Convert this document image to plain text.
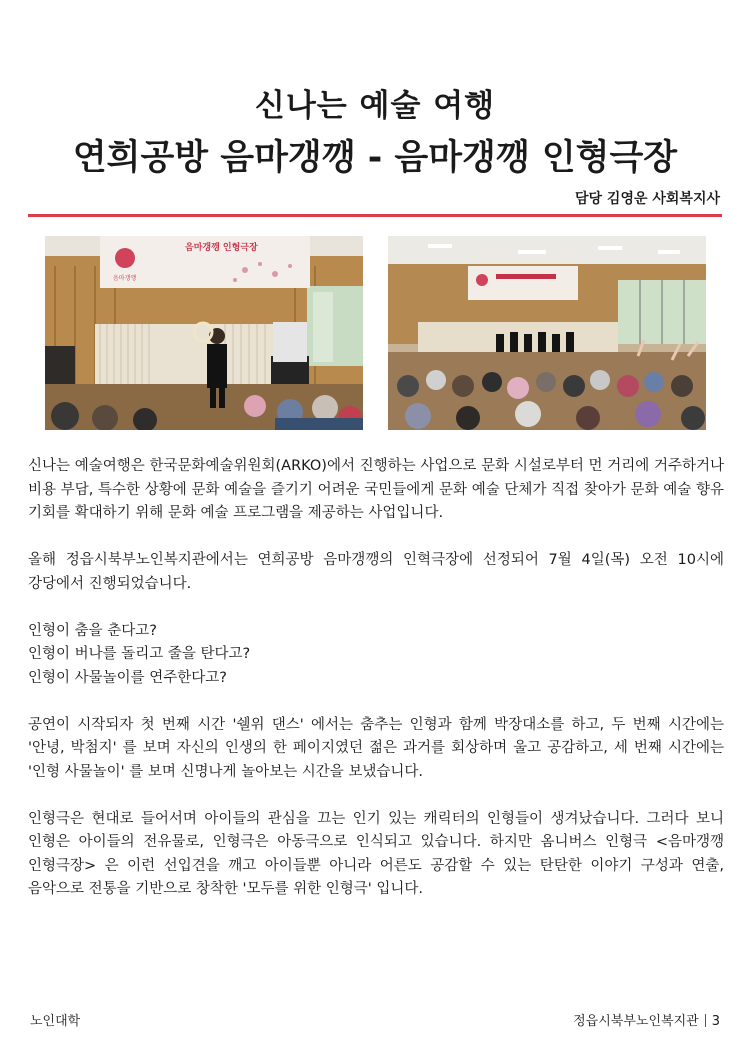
신나는 예술 여행
연희공방 음마갱깽 - 음마갱깽 인형극장
담당 김영운 사회복지사
음마갱깽 인형극장
음마갱깽

신나는 예술여행은 한국문화예술위원회(ARKO)에서 진행하는 사업으로 문화 시설로부터 먼 거리에 거주하거나 비용 부담, 특수한 상황에 문화 예술을 즐기기 어려운 국민들에게 문화 예술 단체가 직접 찾아가 문화 예술 향유 기회를 확대하기 위해 문화 예술 프로그램을 제공하는 사업입니다.

올해 정읍시북부노인복지관에서는 연희공방 음마갱깽의 인혁극장에 선정되어 7월 4일(목) 오전 10시에 강당에서 진행되었습니다.

인형이 춤을 춘다고?

인형이 버나를 돌리고 줄을 탄다고?

인형이 사물놀이를 연주한다고?

공연이 시작되자 첫 번째 시간 '쉘위 댄스' 에서는 춤추는 인형과 함께 박장대소를 하고, 두 번째 시간에는 '안녕, 박첨지' 를 보며 자신의 인생의 한 페이지였던 젊은 과거를 회상하며 울고 공감하고, 세 번째 시간에는 '인형 사물놀이' 를 보며 신명나게 놀아보는 시간을 보냈습니다.

인형극은 현대로 들어서며 아이들의 관심을 끄는 인기 있는 캐릭터의 인형들이 생겨났습니다. 그러다 보니 인형은 아이들의 전유물로, 인형극은 아동극으로 인식되고 있습니다. 하지만 옴니버스 인형극 <음마갱깽 인형극장> 은 이런 선입견을 깨고 아이들뿐 아니라 어른도 공감할 수 있는 탄탄한 이야기 구성과 연출, 음악으로 전통을 기반으로 창착한 '모두를 위한 인형극' 입니다.

노인대학	정읍시북부노인복지관 3
